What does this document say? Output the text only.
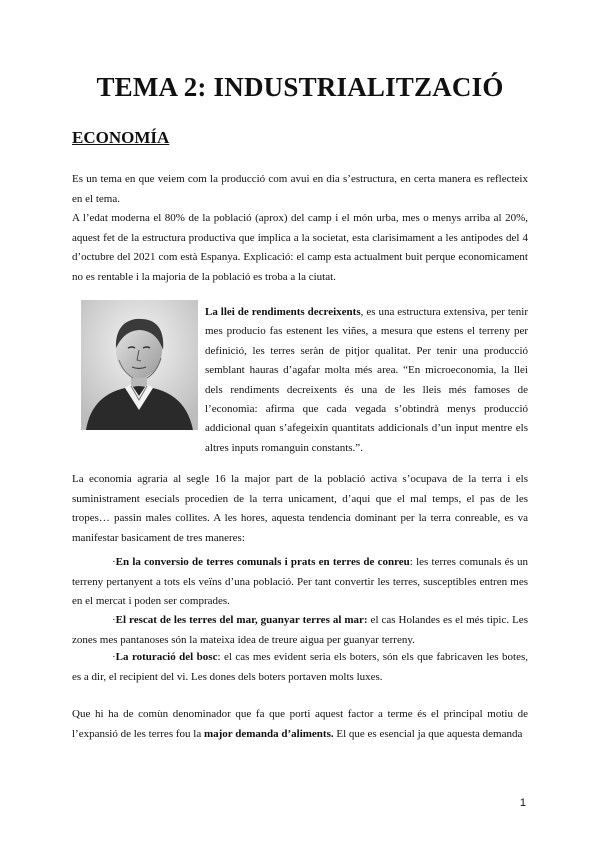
TEMA 2: INDUSTRIALITZACIÓ
ECONOMÍA
Es un tema en que veiem com la producció com avui en dia s’estructura, en certa manera es reflecteix en el tema.
A l’edat moderna el 80% de la població (aprox) del camp i el món urba, mes o menys arriba al 20%, aquest fet de la estructura productiva que implica a la societat, esta clarisimament a les antipodes del 4 d’octubre del 2021 com està Espanya. Explicació: el camp esta actualment buit perque economicament no es rentable i la majoria de la població es troba a la ciutat.
La llei de rendiments decreixents, es una estructura extensiva, per tenir mes producio fas estenent les viñes, a mesura que estens el terreny per definició, les terres seràn de pitjor qualitat. Per tenir una producció semblant hauras d’agafar molta més area. “En microeconomia, la llei dels rendiments decreixents és una de les lleis més famoses de l’economia: afirma que cada vegada s’obtindrà menys producció addicional quan s’afegeixin quantitats addicionals d’un input mentre els altres inputs romanguin constants.”.
La economia agraria al segle 16 la major part de la població activa s’ocupava de la terra i els suministrament esecials procedien de la terra unicament, d’aqui que el mal temps, el pas de les tropes… passin males collites. A les hores, aquesta tendencia dominant per la terra conreable, es va manifestar basicament de tres maneres:
·En la conversio de terres comunals i prats en terres de conreu: les terres comunals és un terreny pertanyent a tots els veïns d’una població. Per tant convertir les terres, susceptibles entren mes en el mercat i poden ser comprades.
·El rescat de les terres del mar, guanyar terres al mar: el cas Holandes es el més tipic. Les zones mes pantanoses són la mateixa idea de treure aigua per guanyar terreny.
·La roturació del bosc: el cas mes evident seria els boters, són els que fabricaven les botes, es a dir, el recipient del vi. Les dones dels boters portaven molts luxes.
Que hi ha de comùn denominador que fa que porti aquest factor a terme és el principal motiu de l’expansió de les terres fou la major demanda d’aliments. El que es esencial ja que aquesta demanda
1
